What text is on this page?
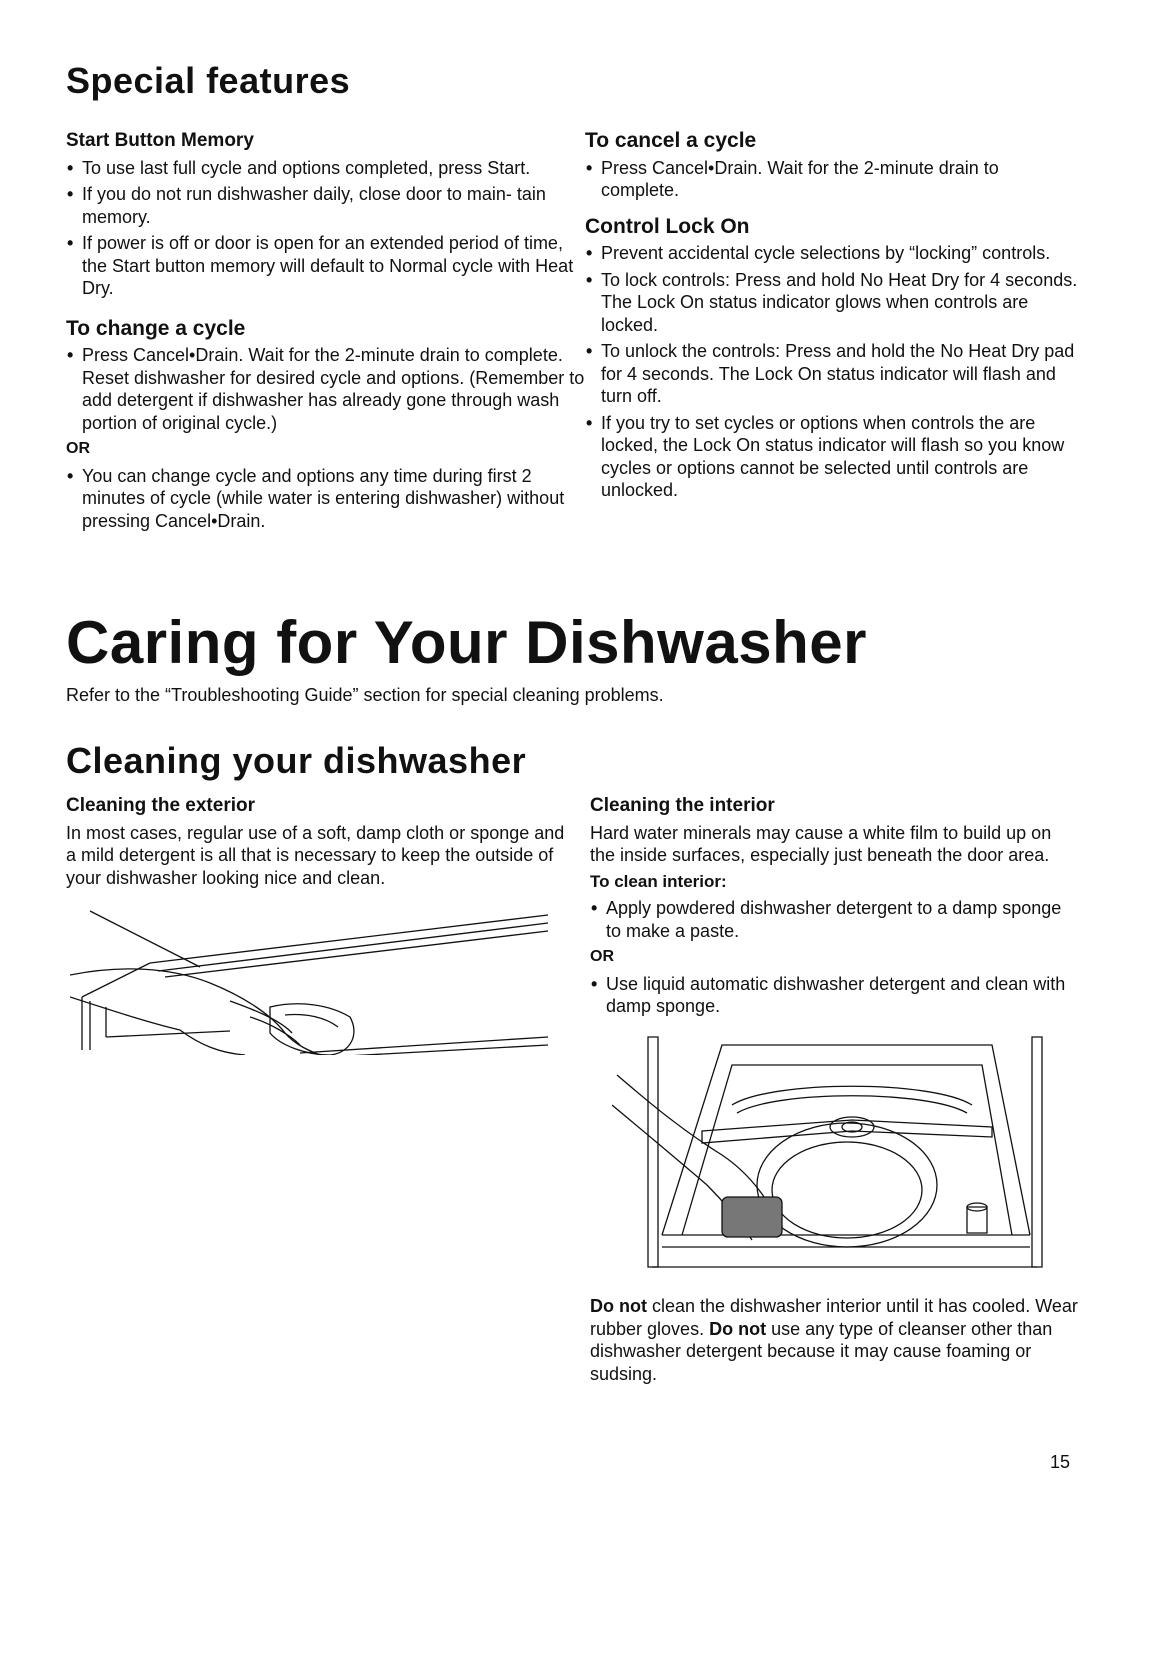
Special features
Start Button Memory
• To use last full cycle and options completed, press Start.
• If you do not run dishwasher daily, close door to main- tain memory.
• If power is off or door is open for an extended period of time, the Start button memory will default to Normal cycle with Heat Dry.
To change a cycle
• Press Cancel•Drain. Wait for the 2-minute drain to complete. Reset dishwasher for desired cycle and options. (Remember to add detergent if dishwasher has already gone through wash portion of original cycle.)
OR
• You can change cycle and options any time during first 2 minutes of cycle (while water is entering dishwasher) without pressing Cancel•Drain.
To cancel a cycle
• Press Cancel•Drain. Wait for the 2-minute drain to complete.
Control Lock On
• Prevent accidental cycle selections by “locking” controls.
• To lock controls: Press and hold No Heat Dry for 4 seconds. The Lock On status indicator glows when controls are locked.
• To unlock the controls: Press and hold the No Heat Dry pad for 4 seconds. The Lock On status indicator will flash and turn off.
• If you try to set cycles or options when controls the are locked, the Lock On status indicator will flash so you know cycles or options cannot be selected until controls are unlocked.
Caring for Your Dishwasher

Refer to the “Troubleshooting Guide” section for special cleaning problems.

Cleaning your dishwasher
Cleaning the exterior

In most cases, regular use of a soft, damp cloth or sponge and a mild detergent is all that is necessary to keep the outside of your dishwasher looking nice and clean.

Cleaning the interior

Hard water minerals may cause a white film to build up on the inside surfaces, especially just beneath the door area.

To clean interior:
• Apply powdered dishwasher detergent to a damp sponge to make a paste.
OR
• Use liquid automatic dishwasher detergent and clean with damp sponge.

Do not clean the dishwasher interior until it has cooled. Wear rubber gloves. Do not use any type of cleanser other than dishwasher detergent because it may cause foaming or sudsing.

15
